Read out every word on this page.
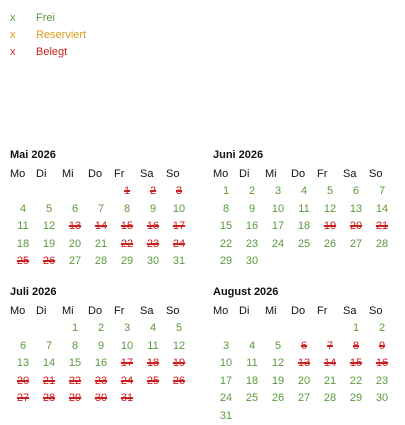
x	Frei
x	Reserviert
x	Belegt
Mai 2026
Mo	Di	Mi	Do	Fr	Sa	So
				1	2	3
4	5	6	7	8	9	10
11	12	13	14	15	16	17
18	19	20	21	22	23	24
25	26	27	28	29	30	31
Juni 2026
Mo	Di	Mi	Do	Fr	Sa	So
1	2	3	4	5	6	7
8	9	10	11	12	13	14
15	16	17	18	19	20	21
22	23	24	25	26	27	28
29	30					
Juli 2026
Mo	Di	Mi	Do	Fr	Sa	So
		1	2	3	4	5
6	7	8	9	10	11	12
13	14	15	16	17	18	19
20	21	22	23	24	25	26
27	28	29	30	31		
August 2026
Mo	Di	Mi	Do	Fr	Sa	So
					1	2
3	4	5	6	7	8	9
10	11	12	13	14	15	16
17	18	19	20	21	22	23
24	25	26	27	28	29	30
31						
